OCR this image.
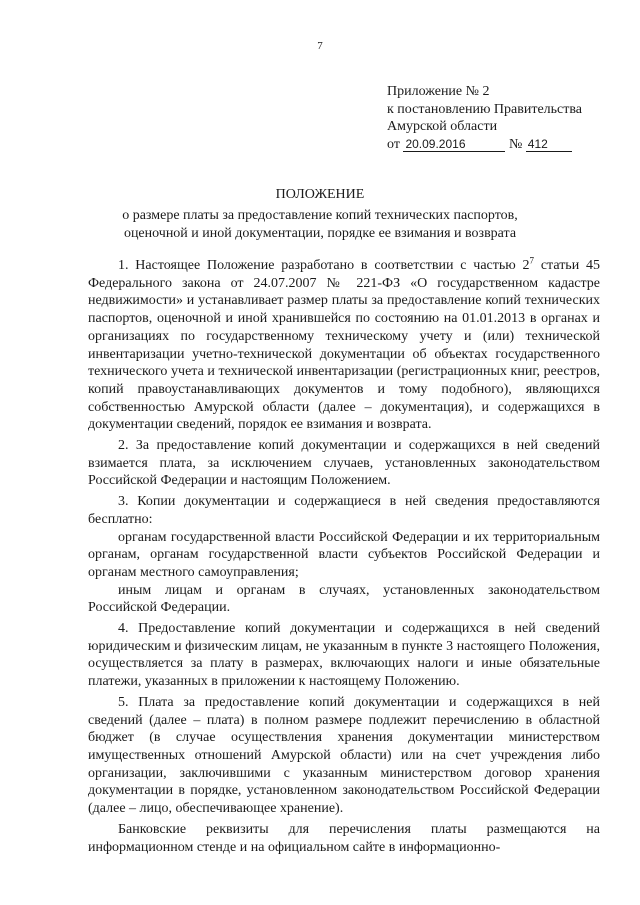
7
Приложение № 2
к постановлению Правительства
Амурской области
от 20.09.2016	№ 412
ПОЛОЖЕНИЕ
о размере платы за предоставление копий технических паспортов, оценочной и иной документации, порядке ее взимания и возврата

1. Настоящее Положение разработано в соответствии с частью $2^7$ статьи 45 Федерального закона от 24.07.2007 № 221-ФЗ «О государственном кадастре недвижимости» и устанавливает размер платы за предоставление копий технических паспортов, оценочной и иной хранившейся по состоянию на 01.01.2013 в органах и организациях по государственному техническому учету и (или) технической инвентаризации учетно-технической документации об объектах государственного технического учета и технической инвентаризации (регистрационных книг, реестров, копий правоустанавливающих документов и тому подобного), являющихся собственностью Амурской области (далее – документация), и содержащихся в документации сведений, порядок ее взимания и возврата.

2. За предоставление копий документации и содержащихся в ней сведений взимается плата, за исключением случаев, установленных законодательством Российской Федерации и настоящим Положением.

3. Копии документации и содержащиеся в ней сведения предоставляются бесплатно:

органам государственной власти Российской Федерации и их территориальным органам, органам государственной власти субъектов Российской Федерации и органам местного самоуправления;

иным лицам и органам в случаях, установленных законодательством Российской Федерации.

4. Предоставление копий документации и содержащихся в ней сведений юридическим и физическим лицам, не указанным в пункте 3 настоящего Положения, осуществляется за плату в размерах, включающих налоги и иные обязательные платежи, указанных в приложении к настоящему Положению.

5. Плата за предоставление копий документации и содержащихся в ней сведений (далее – плата) в полном размере подлежит перечислению в областной бюджет (в случае осуществления хранения документации министерством имущественных отношений Амурской области) или на счет учреждения либо организации, заключившими с указанным министерством договор хранения документации в порядке, установленном законодательством Российской Федерации (далее – лицо, обеспечивающее хранение).

Банковские реквизиты для перечисления платы размещаются на информационном стенде и на официальном сайте в информационно-
